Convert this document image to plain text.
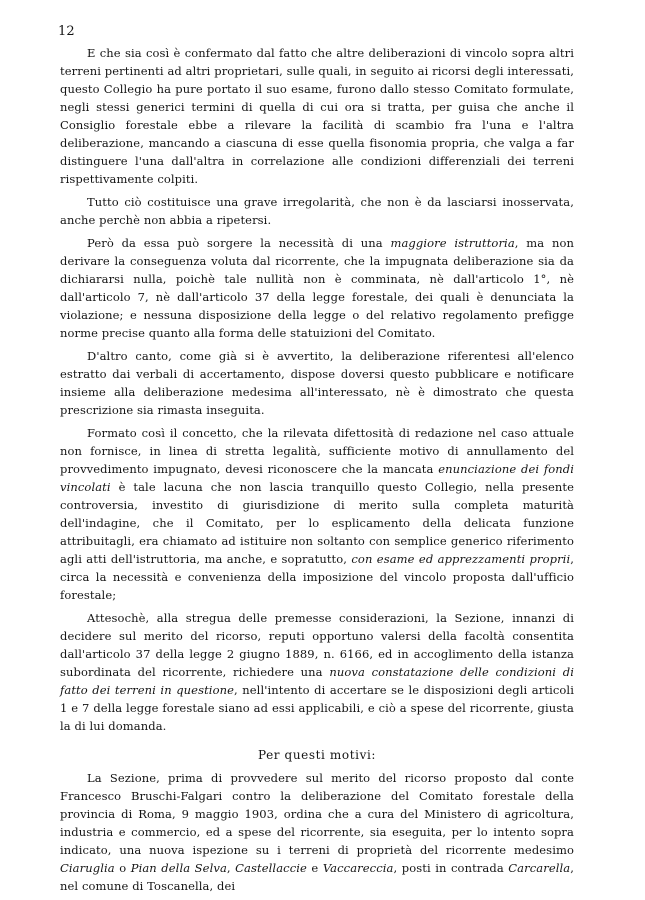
12

E che sia così è confermato dal fatto che altre deliberazioni di vincolo sopra altri terreni pertinenti ad altri proprietari, sulle quali, in seguito ai ricorsi degli interessati, questo Collegio ha pure portato il suo esame, furono dallo stesso Comitato formulate, negli stessi generici termini di quella di cui ora si tratta, per guisa che anche il Consiglio forestale ebbe a rilevare la facilità di scambio fra l'una e l'altra deliberazione, mancando a ciascuna di esse quella fisonomia propria, che valga a far distinguere l'una dall'altra in correlazione alle condizioni differenziali dei terreni rispettivamente colpiti.

Tutto ciò costituisce una grave irregolarità, che non è da lasciarsi inosservata, anche perchè non abbia a ripetersi.

Però da essa può sorgere la necessità di una maggiore istruttoria, ma non derivare la conseguenza voluta dal ricorrente, che la impugnata deliberazione sia da dichiararsi nulla, poichè tale nullità non è comminata, nè dall'articolo 1°, nè dall'articolo 7, nè dall'articolo 37 della legge forestale, dei quali è denunciata la violazione; e nessuna disposizione della legge o del relativo regolamento prefigge norme precise quanto alla forma delle statuizioni del Comitato.

D'altro canto, come già si è avvertito, la deliberazione riferentesi all'elenco estratto dai verbali di accertamento, dispose doversi questo pubblicare e notificare insieme alla deliberazione medesima all'interessato, nè è dimostrato che questa prescrizione sia rimasta inseguita.

Formato così il concetto, che la rilevata difettosità di redazione nel caso attuale non fornisce, in linea di stretta legalità, sufficiente motivo di annullamento del provvedimento impugnato, devesi riconoscere che la mancata enunciazione dei fondi vincolati è tale lacuna che non lascia tranquillo questo Collegio, nella presente controversia, investito di giurisdizione di merito sulla completa maturità dell'indagine, che il Comitato, per lo esplicamento della delicata funzione attribuitagli, era chiamato ad istituire non soltanto con semplice generico riferimento agli atti dell'istruttoria, ma anche, e sopratutto, con esame ed apprezzamenti proprii, circa la necessità e convenienza della imposizione del vincolo proposta dall'ufficio forestale;

Attesochè, alla stregua delle premesse considerazioni, la Sezione, innanzi di decidere sul merito del ricorso, reputi opportuno valersi della facoltà consentita dall'articolo 37 della legge 2 giugno 1889, n. 6166, ed in accoglimento della istanza subordinata del ricorrente, richiedere una nuova constatazione delle condizioni di fatto dei terreni in questione, nell'intento di accertare se le disposizioni degli articoli 1 e 7 della legge forestale siano ad essi applicabili, e ciò a spese del ricorrente, giusta la di lui domanda.

Per questi motivi:

La Sezione, prima di provvedere sul merito del ricorso proposto dal conte Francesco Bruschi-Falgari contro la deliberazione del Comitato forestale della provincia di Roma, 9 maggio 1903, ordina che a cura del Ministero di agricoltura, industria e commercio, ed a spese del ricorrente, sia eseguita, per lo intento sopra indicato, una nuova ispezione su i terreni di proprietà del ricorrente medesimo Ciaruglia o Pian della Selva, Castellaccie e Vaccareccia, posti in contrada Carcarella, nel comune di Toscanella, dei
